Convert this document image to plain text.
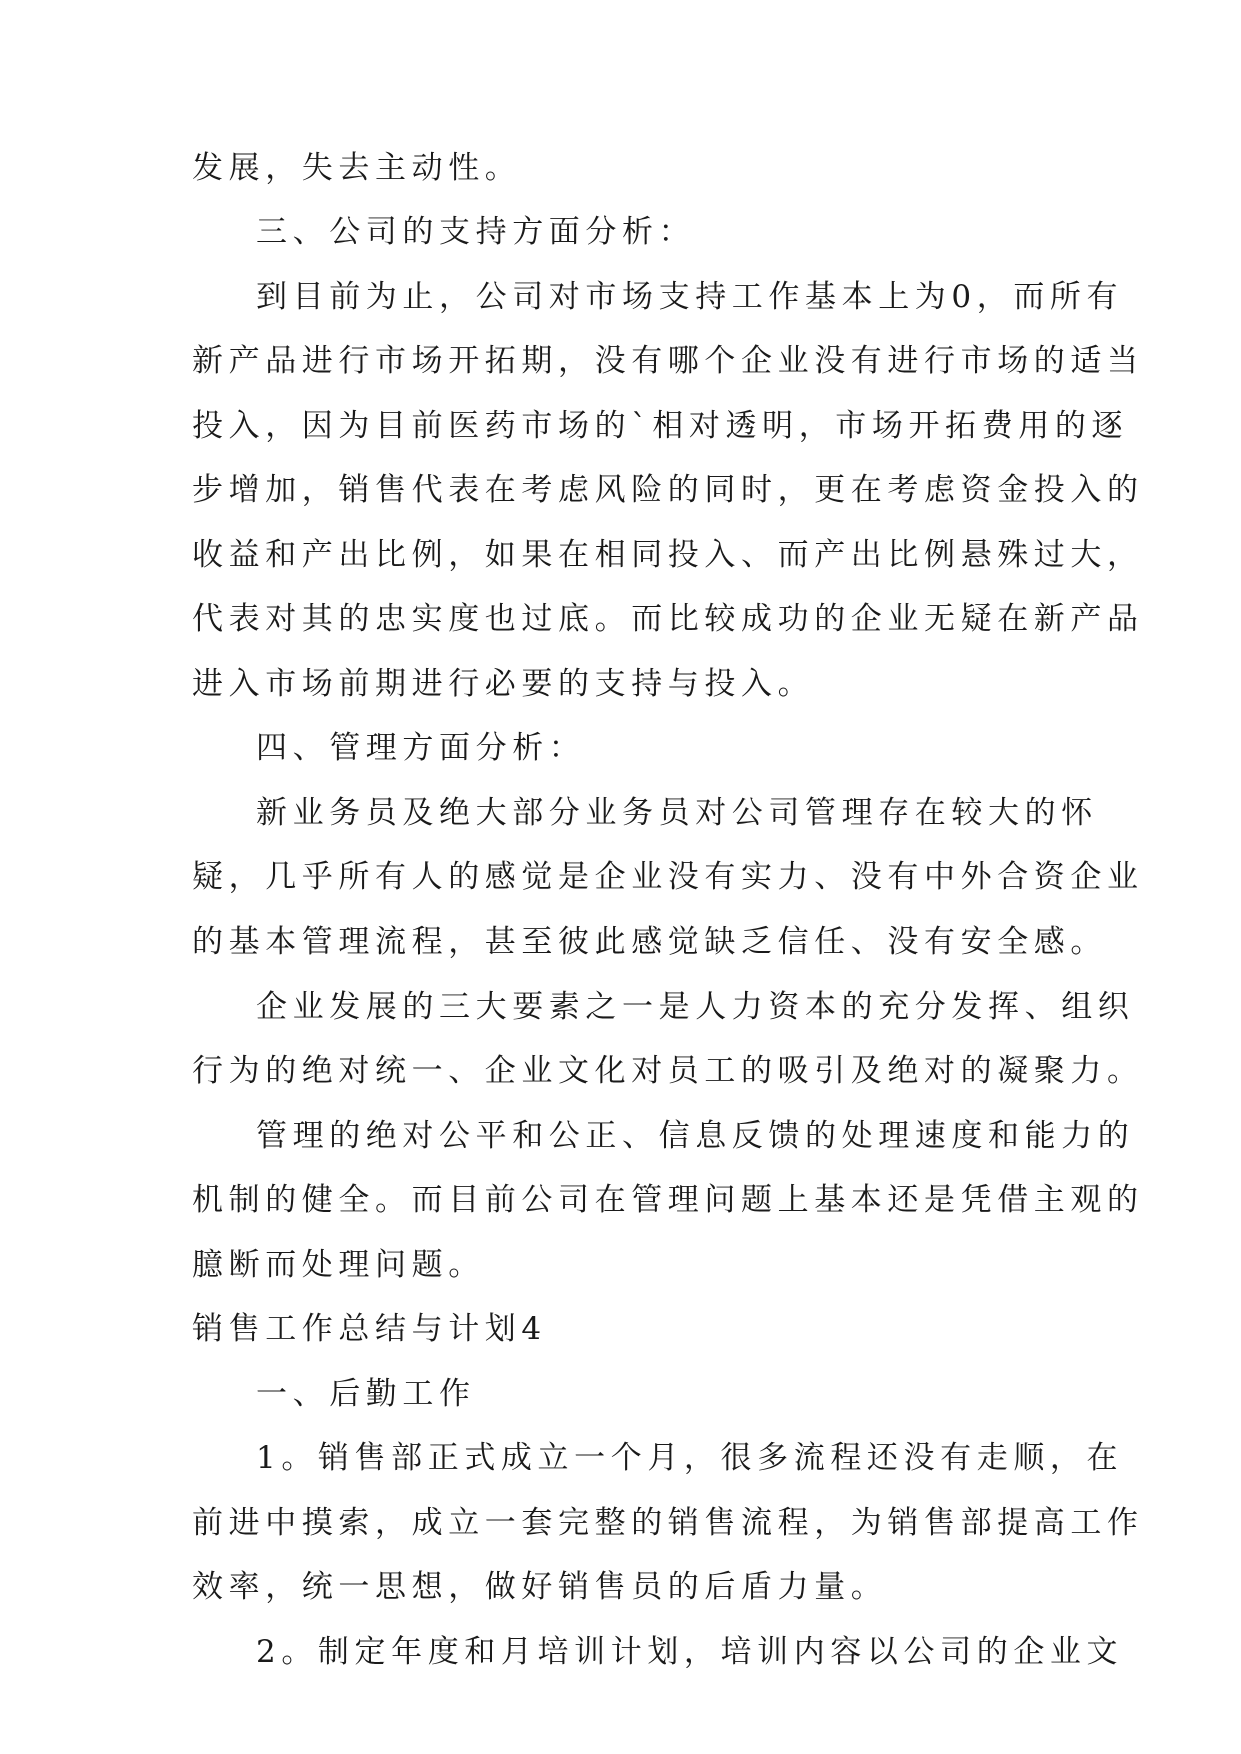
发展，失去主动性。
三、公司的支持方面分析：
到目前为止，公司对市场支持工作基本上为0，而所有
新产品进行市场开拓期，没有哪个企业没有进行市场的适当
投入，因为目前医药市场的`相对透明，市场开拓费用的逐
步增加，销售代表在考虑风险的同时，更在考虑资金投入的
收益和产出比例，如果在相同投入、而产出比例悬殊过大，
代表对其的忠实度也过底。而比较成功的企业无疑在新产品
进入市场前期进行必要的支持与投入。
四、管理方面分析：
新业务员及绝大部分业务员对公司管理存在较大的怀
疑，几乎所有人的感觉是企业没有实力、没有中外合资企业
的基本管理流程，甚至彼此感觉缺乏信任、没有安全感。
企业发展的三大要素之一是人力资本的充分发挥、组织
行为的绝对统一、企业文化对员工的吸引及绝对的凝聚力。
管理的绝对公平和公正、信息反馈的处理速度和能力的
机制的健全。而目前公司在管理问题上基本还是凭借主观的
臆断而处理问题。
销售工作总结与计划4
一、后勤工作
1。销售部正式成立一个月，很多流程还没有走顺，在
前进中摸索，成立一套完整的销售流程，为销售部提高工作
效率，统一思想，做好销售员的后盾力量。
2。制定年度和月培训计划，培训内容以公司的企业文
